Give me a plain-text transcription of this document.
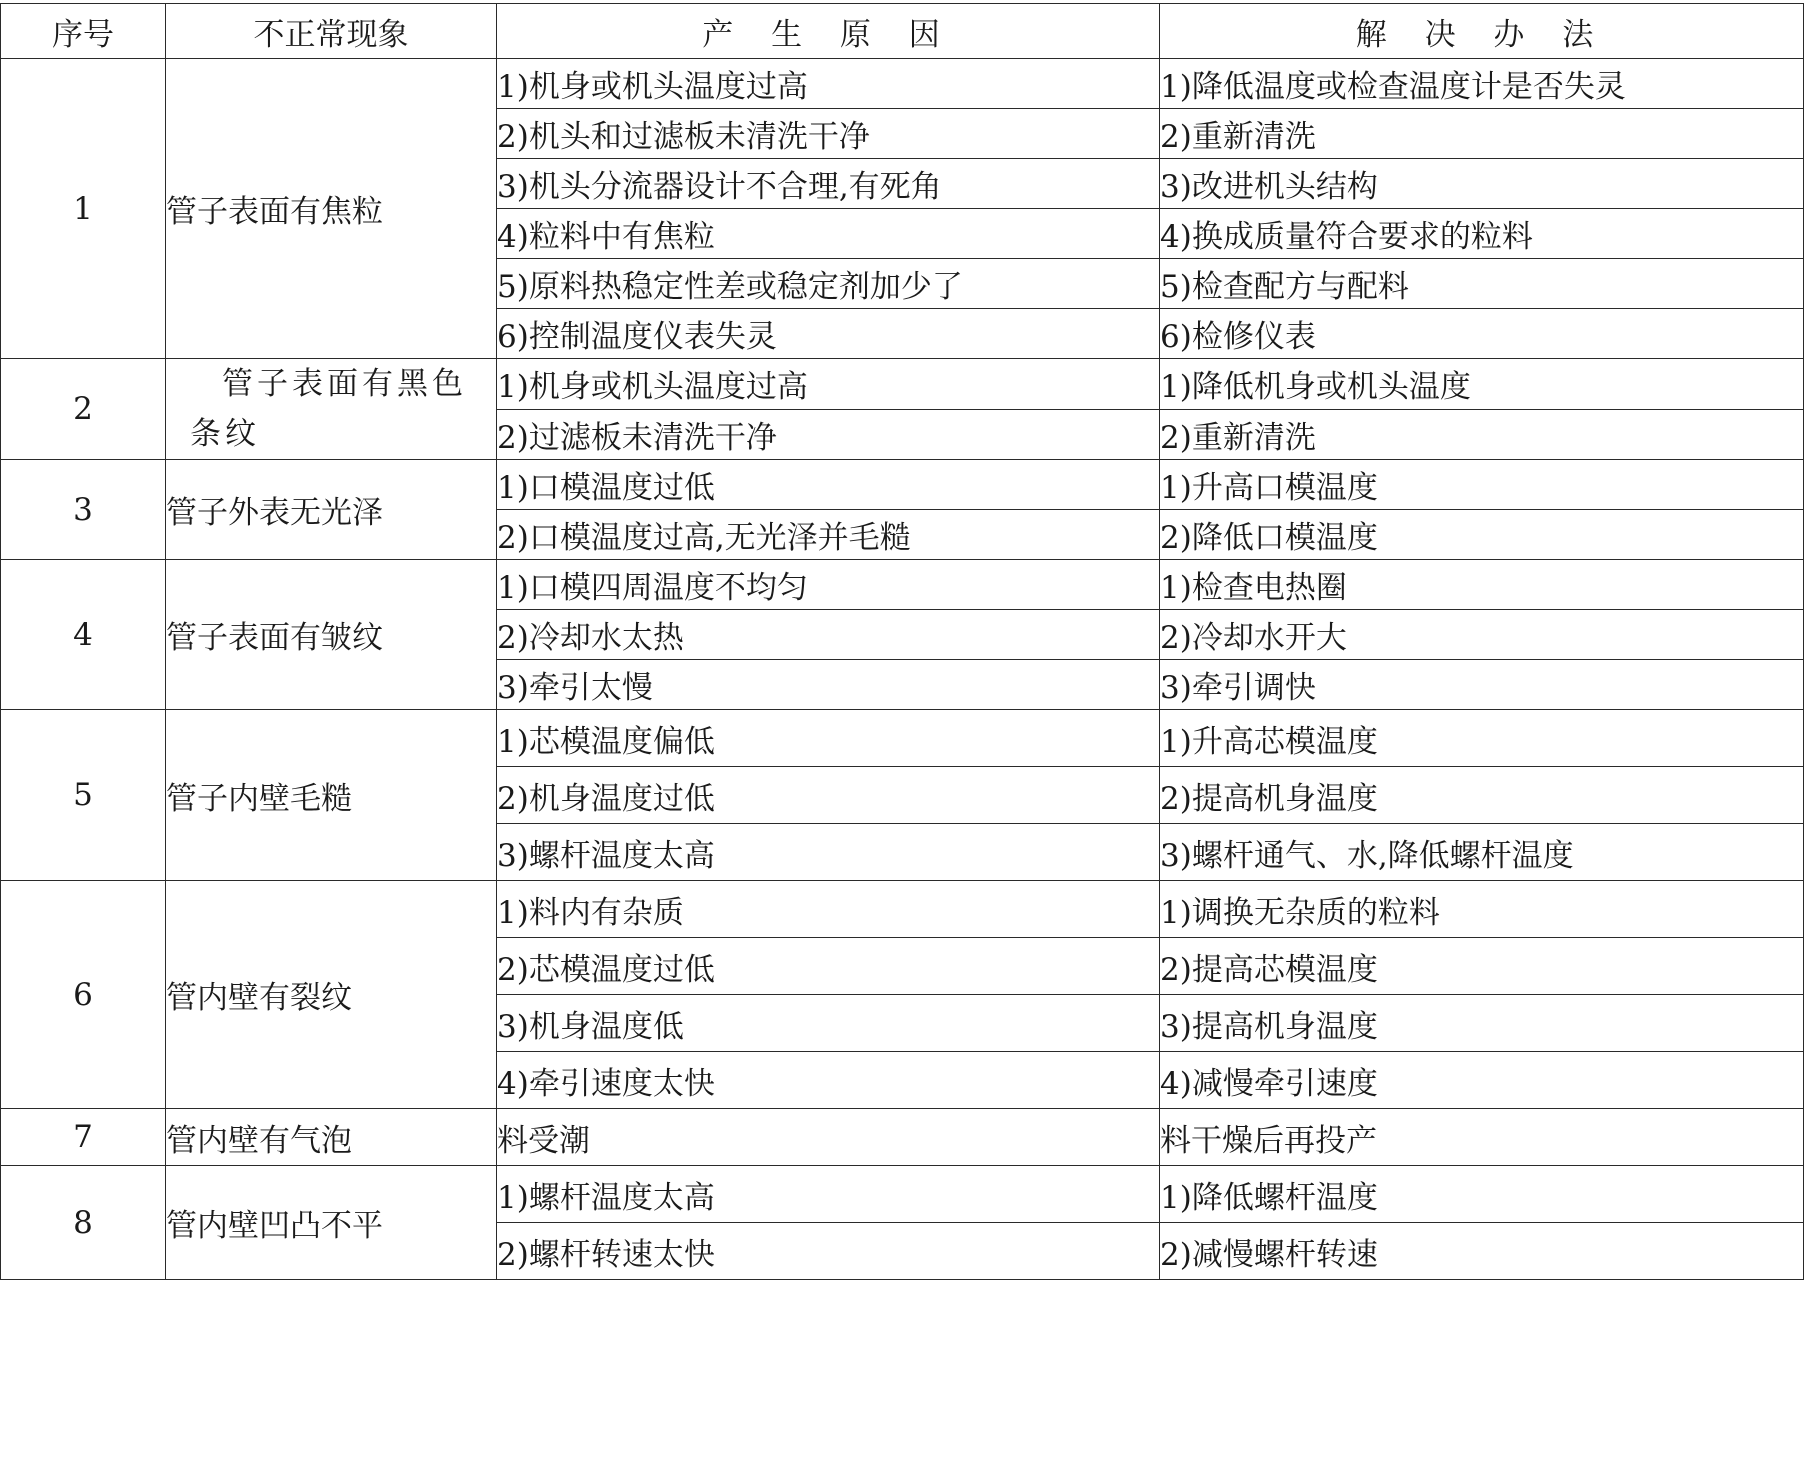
序号	不正常现象	产 生 原 因	解 决 办 法
1	管子表面有焦粒	1)机身或机头温度过高	1)降低温度或检查温度计是否失灵
		2)机头和过滤板未清洗干净	2)重新清洗
		3)机头分流器设计不合理,有死角	3)改进机头结构
		4)粒料中有焦粒	4)换成质量符合要求的粒料
		5)原料热稳定性差或稳定剂加少了	5)检查配方与配料
		6)控制温度仪表失灵	6)检修仪表
2	管子表面有黑色条纹	1)机身或机头温度过高	1)降低机身或机头温度
		2)过滤板未清洗干净	2)重新清洗
3	管子外表无光泽	1)口模温度过低	1)升高口模温度
		2)口模温度过高,无光泽并毛糙	2)降低口模温度
4	管子表面有皱纹	1)口模四周温度不均匀	1)检查电热圈
		2)冷却水太热	2)冷却水开大
		3)牵引太慢	3)牵引调快
5	管子内壁毛糙	1)芯模温度偏低	1)升高芯模温度
		2)机身温度过低	2)提高机身温度
		3)螺杆温度太高	3)螺杆通气、水,降低螺杆温度
6	管内壁有裂纹	1)料内有杂质	1)调换无杂质的粒料
		2)芯模温度过低	2)提高芯模温度
		3)机身温度低	3)提高机身温度
		4)牵引速度太快	4)减慢牵引速度
7	管内壁有气泡	料受潮	料干燥后再投产
8	管内壁凹凸不平	1)螺杆温度太高	1)降低螺杆温度
		2)螺杆转速太快	2)减慢螺杆转速
